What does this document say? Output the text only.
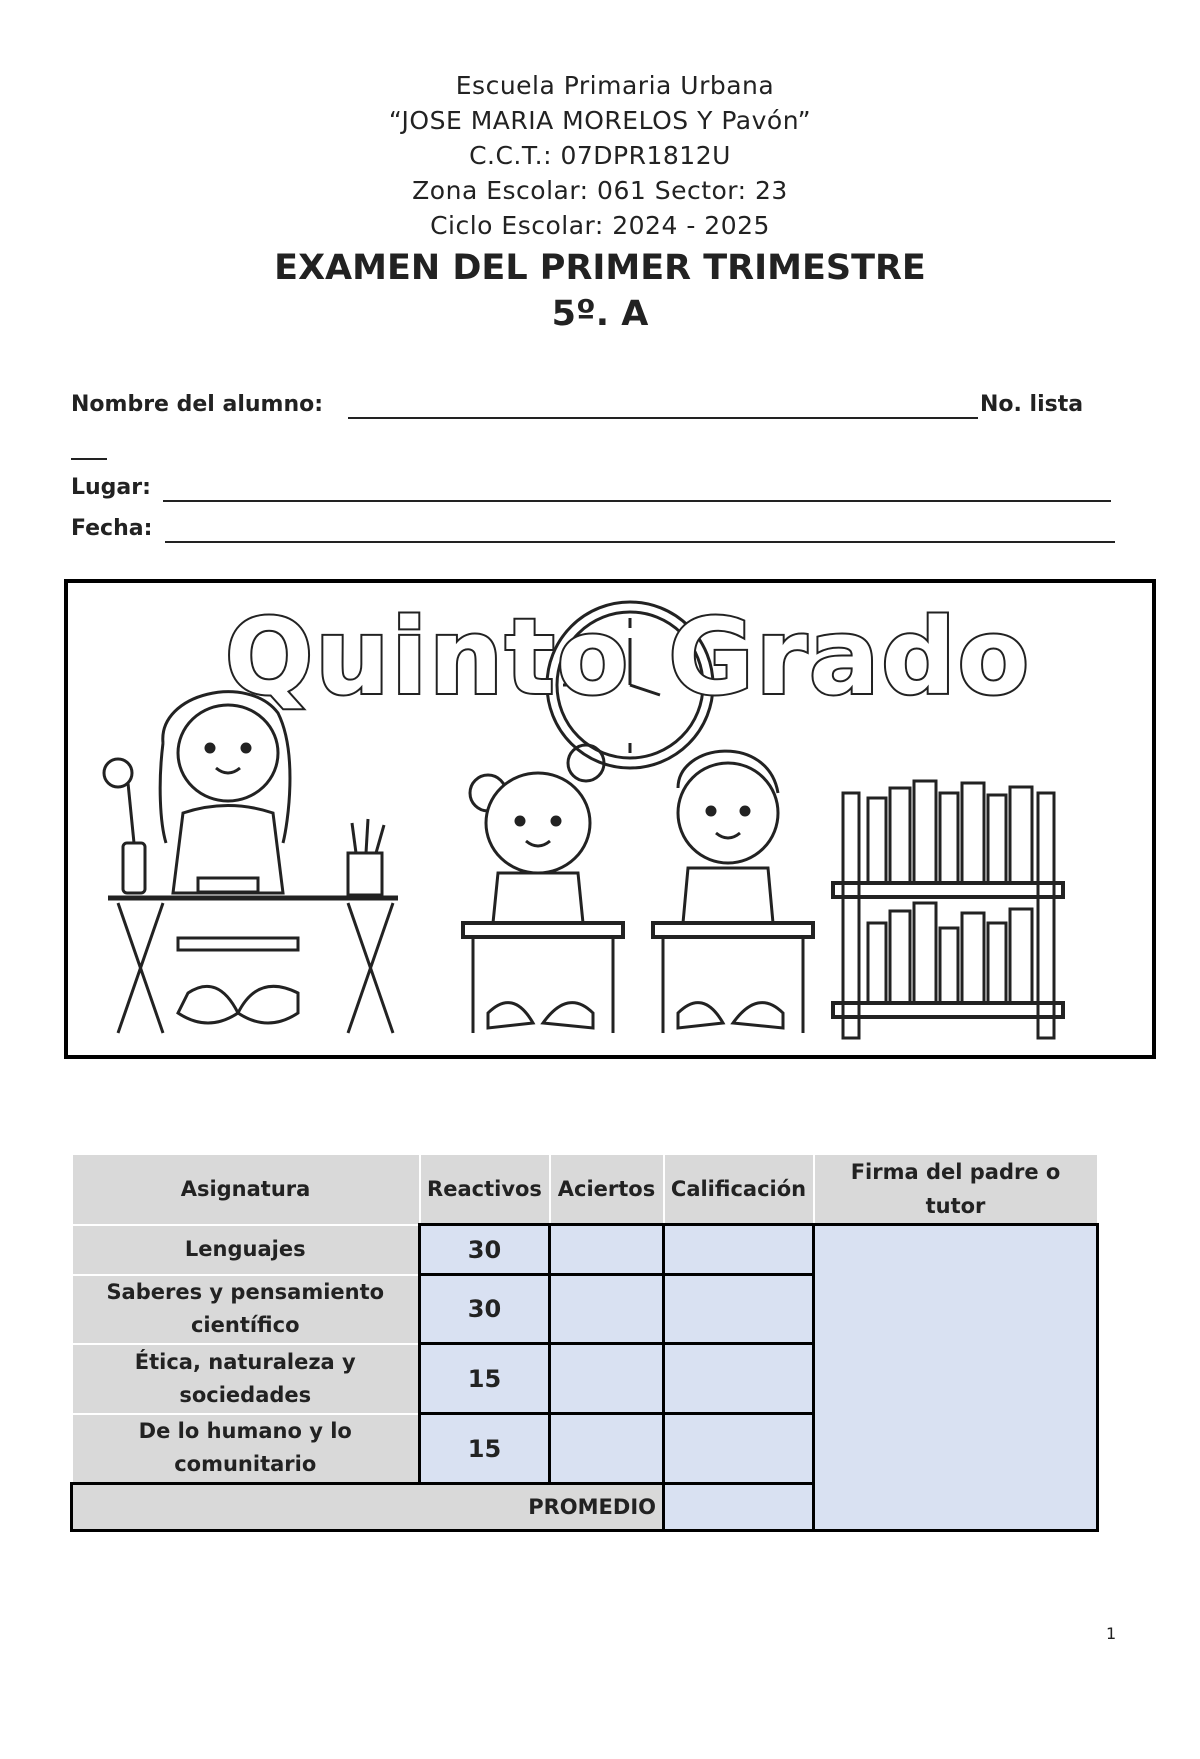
Escuela Primaria Urbana
“JOSE MARIA MORELOS Y Pavón”
C.C.T.: 07DPR1812U
Zona Escolar: 061 Sector: 23
Ciclo Escolar: 2024 - 2025
EXAMEN DEL PRIMER TRIMESTRE
5º. A
Nombre del alumno:	No. lista
Lugar:
Fecha:
Quinto Grado
Asignatura	Reactivos	Aciertos	Calificación	Firma del padre o tutor
Lenguajes	30			
Saberes y pensamiento científico	30			
Ética, naturaleza y sociedades	15			
De lo humano y lo comunitario	15			
PROMEDIO				
1
